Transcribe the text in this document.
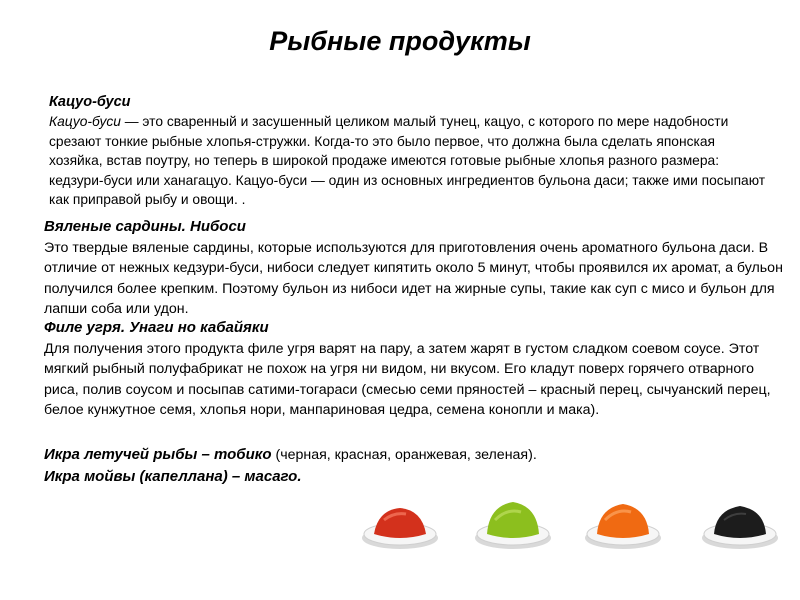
Рыбные продукты
Кацуо-буси
Кацуо-буси — это сваренный и засушенный целиком малый тунец, кацуо, с которого по мере надобности срезают тонкие рыбные хлопья-стружки. Когда-то это было первое, что должна была сделать японская хозяйка, встав поутру, но теперь в широкой продаже имеются готовые рыбные хлопья разного размера: кедзури-буси или ханагацуо. Кацуо-буси — один из основных ингредиентов бульона даси; также ими посыпают как приправой рыбу и овощи. .
Вяленые сардины. Нибоси
Это твердые вяленые сардины, которые используются для приготовления очень ароматного бульона даси. В отличие от нежных кедзури-буси, нибоси следует кипятить около 5 минут, чтобы проявился их аромат, а бульон получился более крепким. Поэтому бульон из нибоси идет на жирные супы, такие как суп с мисо и бульон для лапши соба или удон.
Филе угря. Унаги но кабайяки
Для получения этого продукта филе угря варят на пару, а затем жарят в густом сладком соевом соусе. Этот мягкий рыбный полуфабрикат не похож на угря ни видом, ни вкусом. Его кладут поверх горячего отварного риса, полив соусом и посыпав сатими-тогараси (смесью семи пряностей – красный перец, сычуанский перец, белое кунжутное семя, хлопья нори, манпариновая цедра, семена конопли и мака).
Икра летучей рыбы – тобико (черная, красная, оранжевая, зеленая).
Икра мойвы (капеллана) – масаго.
